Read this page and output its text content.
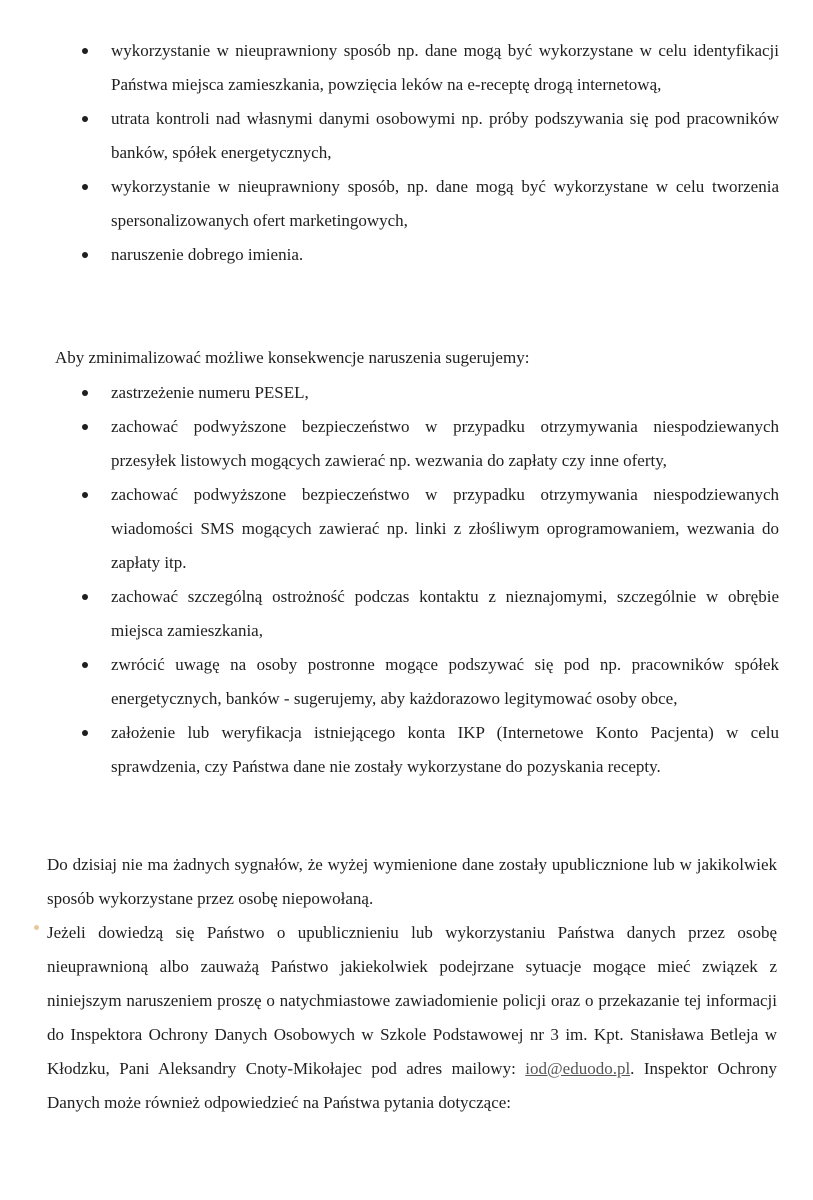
wykorzystanie w nieuprawniony sposób np. dane mogą być wykorzystane w celu identyfikacji Państwa miejsca zamieszkania, powzięcia leków na e-receptę drogą internetową,
utrata kontroli nad własnymi danymi osobowymi np. próby podszywania się pod pracowników banków, spółek energetycznych,
wykorzystanie w nieuprawniony sposób, np. dane mogą być wykorzystane w celu tworzenia spersonalizowanych ofert marketingowych,
naruszenie dobrego imienia.
Aby zminimalizować możliwe konsekwencje naruszenia sugerujemy:
zastrzeżenie numeru PESEL,
zachować podwyższone bezpieczeństwo w przypadku otrzymywania niespodziewanych przesyłek listowych mogących zawierać np. wezwania do zapłaty czy inne oferty,
zachować podwyższone bezpieczeństwo w przypadku otrzymywania niespodziewanych wiadomości SMS mogących zawierać np. linki z złośliwym oprogramowaniem, wezwania do zapłaty itp.
zachować szczególną ostrożność podczas kontaktu z nieznajomymi, szczególnie w obrębie miejsca zamieszkania,
zwrócić uwagę na osoby postronne mogące podszywać się pod np. pracowników spółek energetycznych, banków - sugerujemy, aby każdorazowo legitymować osoby obce,
założenie lub weryfikacja istniejącego konta IKP (Internetowe Konto Pacjenta) w celu sprawdzenia, czy Państwa dane nie zostały wykorzystane do pozyskania recepty.

Do dzisiaj nie ma żadnych sygnałów, że wyżej wymienione dane zostały upublicznione lub w jakikolwiek sposób wykorzystane przez osobę niepowołaną.

Jeżeli dowiedzą się Państwo o upublicznieniu lub wykorzystaniu Państwa danych przez osobę nieuprawnioną albo zauważą Państwo jakiekolwiek podejrzane sytuacje mogące mieć związek z niniejszym naruszeniem proszę o natychmiastowe zawiadomienie policji oraz o przekazanie tej informacji do Inspektora Ochrony Danych Osobowych w Szkole Podstawowej nr 3 im. Kpt. Stanisława Betleja w Kłodzku, Pani Aleksandry Cnoty-Mikołajec pod adres mailowy: iod@eduodo.pl. Inspektor Ochrony Danych może również odpowiedzieć na Państwa pytania dotyczące:
